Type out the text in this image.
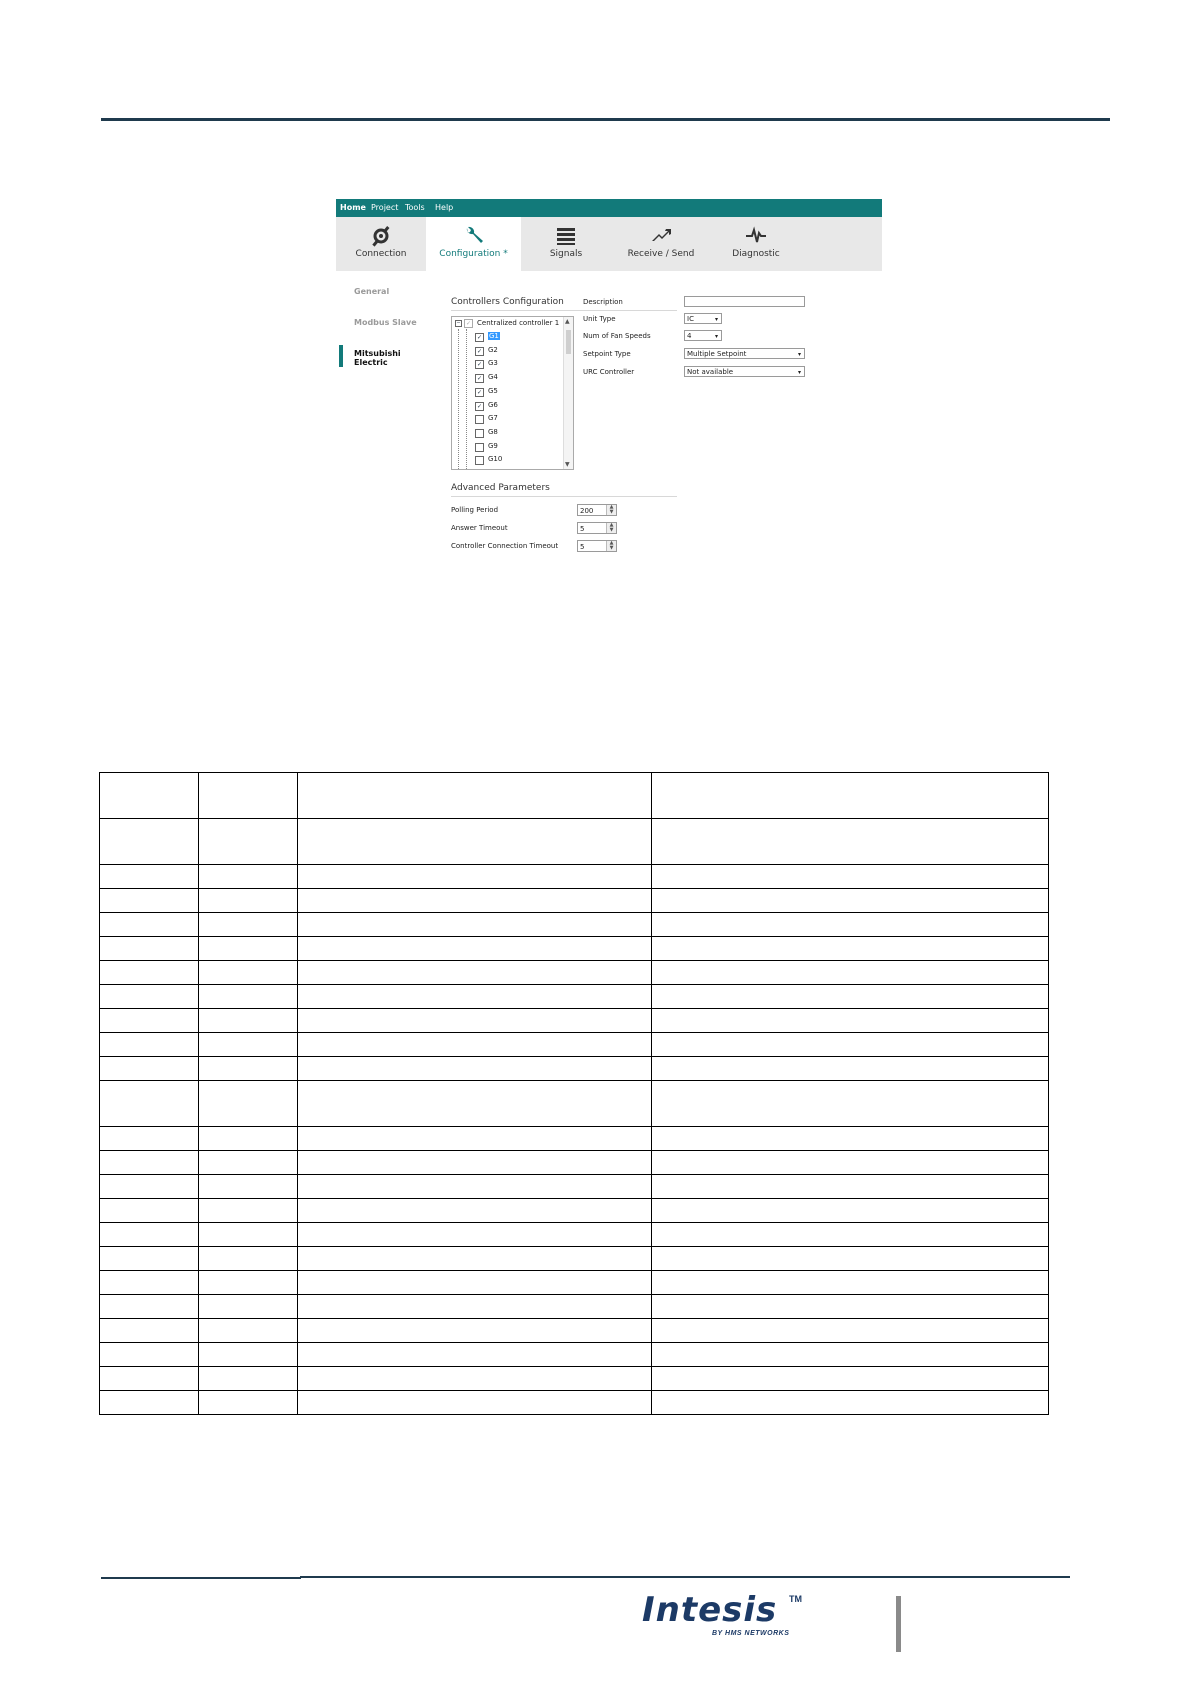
Home Project Tools Help
Connection	Configuration *	Signals	Receive / Send	Diagnostic
General
Modbus Slave
Mitsubishi Electric
Controllers Configuration
− ✓ Centralized controller 1
✓ G1
✓ G2
✓ G3
✓ G4
✓ G5
✓ G6
G7
G8
G9
G10
▲
▼
Description
Unit Type	IC	▾
Num of Fan Speeds	4	▾
Setpoint Type	Multiple Setpoint	▾
URC Controller	Not available	▾
Advanced Parameters
Polling Period	200	▲
▼
Answer Timeout	5	▲
▼
Controller Connection Timeout	5	▲
▼

Intesis TM
BY HMS NETWORKS
